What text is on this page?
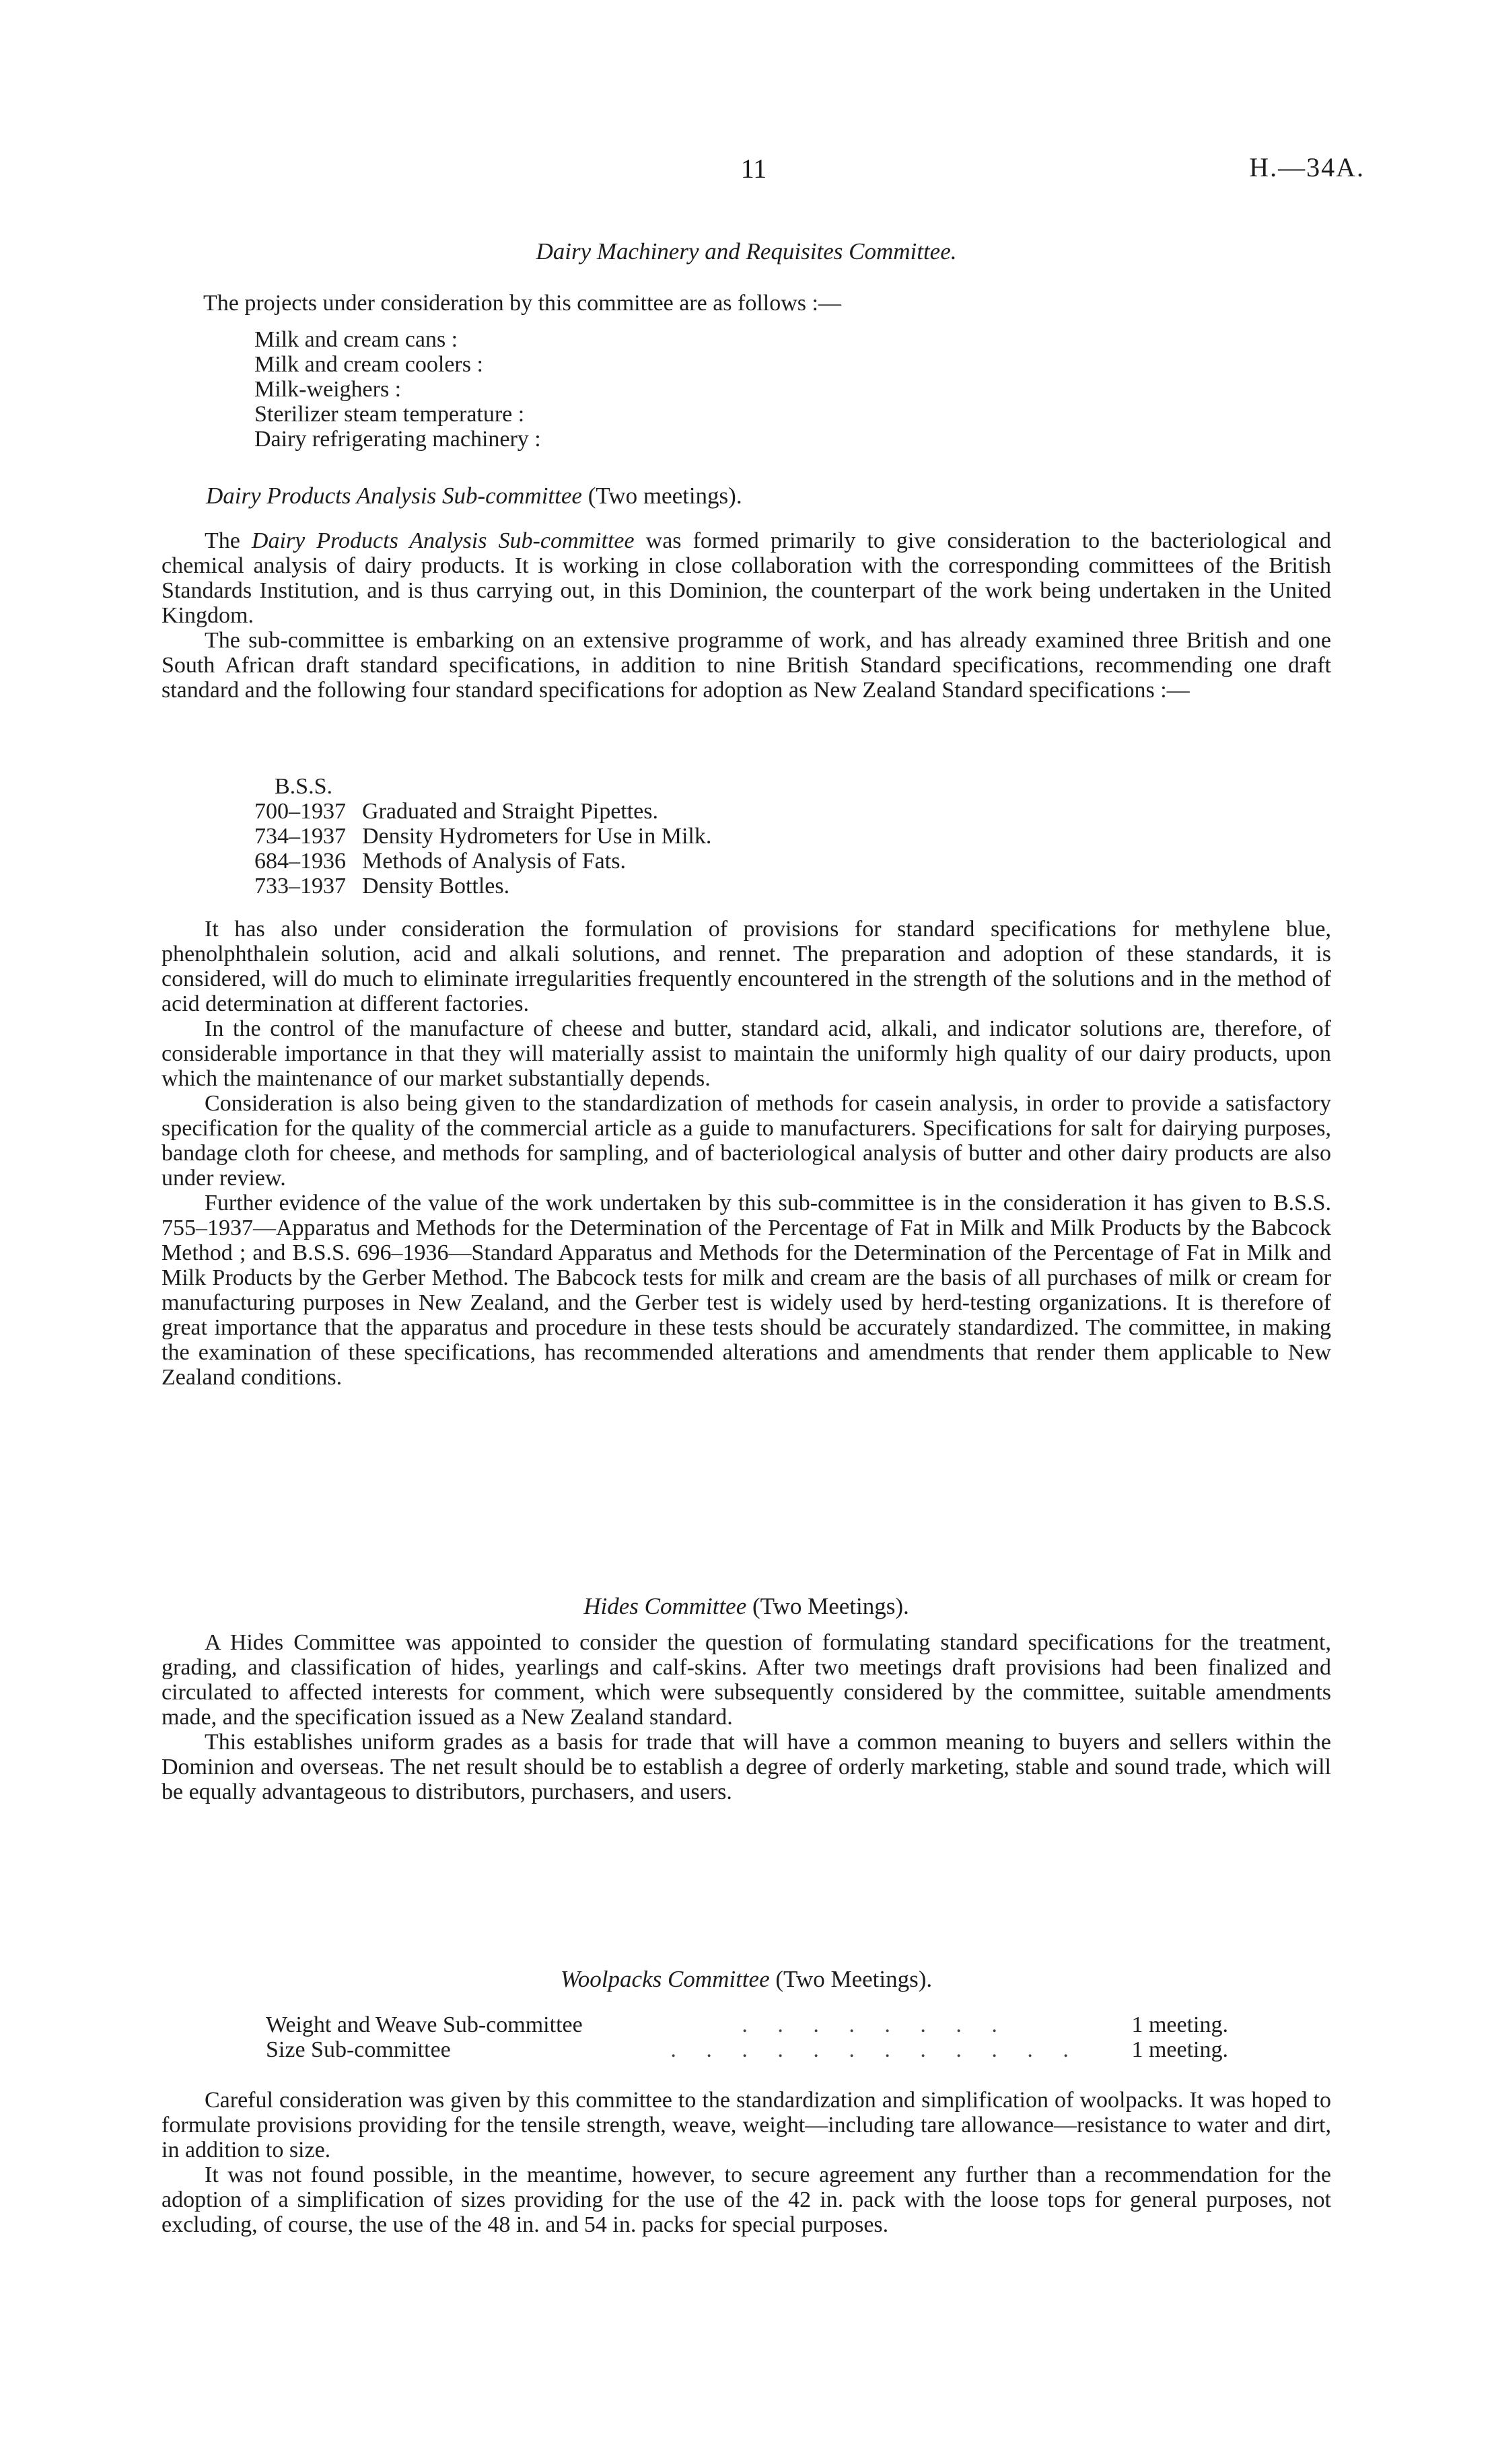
11	H.—34A.
Dairy Machinery and Requisites Committee.
The projects under consideration by this committee are as follows :—
Milk and cream cans :
Milk and cream coolers :
Milk-weighers :
Sterilizer steam temperature :
Dairy refrigerating machinery :
Dairy Products Analysis Sub-committee (Two meetings).

The Dairy Products Analysis Sub-committee was formed primarily to give consideration to the bacteriological and chemical analysis of dairy products. It is working in close collaboration with the corresponding committees of the British Standards Institution, and is thus carrying out, in this Dominion, the counterpart of the work being undertaken in the United Kingdom.

The sub-committee is embarking on an extensive programme of work, and has already examined three British and one South African draft standard specifications, in addition to nine British Standard specifications, recommending one draft standard and the following four standard specifications for adoption as New Zealand Standard specifications :—

B.S.S.
700–1937	Graduated and Straight Pipettes.
734–1937	Density Hydrometers for Use in Milk.
684–1936	Methods of Analysis of Fats.
733–1937	Density Bottles.

It has also under consideration the formulation of provisions for standard specifications for methylene blue, phenolphthalein solution, acid and alkali solutions, and rennet. The preparation and adoption of these standards, it is considered, will do much to eliminate irregularities frequently encountered in the strength of the solutions and in the method of acid determination at different factories.

In the control of the manufacture of cheese and butter, standard acid, alkali, and indicator solutions are, therefore, of considerable importance in that they will materially assist to maintain the uniformly high quality of our dairy products, upon which the maintenance of our market substantially depends.

Consideration is also being given to the standardization of methods for casein analysis, in order to provide a satisfactory specification for the quality of the commercial article as a guide to manufacturers. Specifications for salt for dairying purposes, bandage cloth for cheese, and methods for sampling, and of bacteriological analysis of butter and other dairy products are also under review.

Further evidence of the value of the work undertaken by this sub-committee is in the consideration it has given to B.S.S. 755–1937—Apparatus and Methods for the Determination of the Percentage of Fat in Milk and Milk Products by the Babcock Method ; and B.S.S. 696–1936—Standard Apparatus and Methods for the Determination of the Percentage of Fat in Milk and Milk Products by the Gerber Method. The Babcock tests for milk and cream are the basis of all purchases of milk or cream for manufacturing purposes in New Zealand, and the Gerber test is widely used by herd-testing organizations. It is therefore of great importance that the apparatus and procedure in these tests should be accurately standardized. The committee, in making the examination of these specifications, has recommended alterations and amendments that render them applicable to New Zealand conditions.

Hides Committee (Two Meetings).

A Hides Committee was appointed to consider the question of formulating standard specifications for the treatment, grading, and classification of hides, yearlings and calf-skins. After two meetings draft provisions had been finalized and circulated to affected interests for comment, which were subsequently considered by the committee, suitable amendments made, and the specification issued as a New Zealand standard.

This establishes uniform grades as a basis for trade that will have a common meaning to buyers and sellers within the Dominion and overseas. The net result should be to establish a degree of orderly marketing, stable and sound trade, which will be equally advantageous to distributors, purchasers, and users.

Woolpacks Committee (Two Meetings).
Weight and Weave Sub-committee	. . . . . . . .	1 meeting.
Size Sub-committee	. . . . . . . . . . . .	1 meeting.

Careful consideration was given by this committee to the standardization and simplification of woolpacks. It was hoped to formulate provisions providing for the tensile strength, weave, weight—including tare allowance—resistance to water and dirt, in addition to size.

It was not found possible, in the meantime, however, to secure agreement any further than a recommendation for the adoption of a simplification of sizes providing for the use of the 42 in. pack with the loose tops for general purposes, not excluding, of course, the use of the 48 in. and 54 in. packs for special purposes.
